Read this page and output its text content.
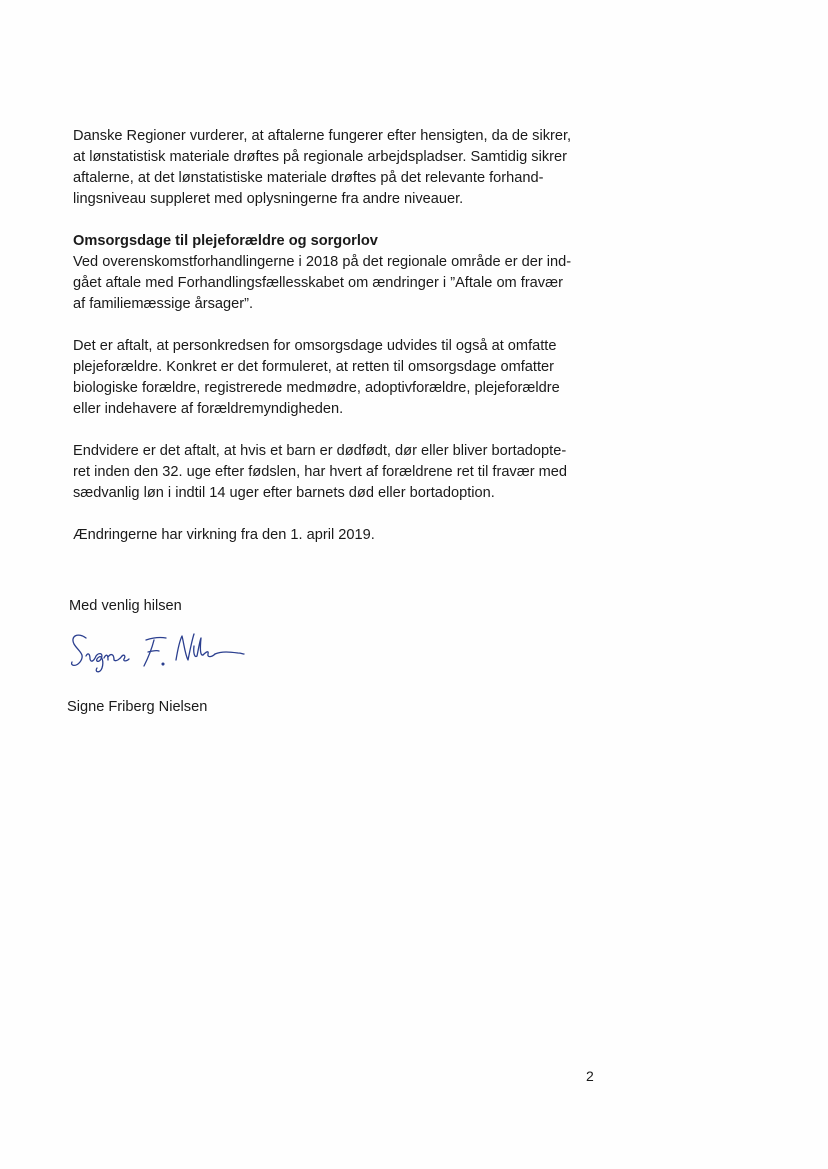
Danske Regioner vurderer, at aftalerne fungerer efter hensigten, da de sikrer,
at lønstatistisk materiale drøftes på regionale arbejdspladser. Samtidig sikrer
aftalerne, at det lønstatistiske materiale drøftes på det relevante forhand-
lingsniveau suppleret med oplysningerne fra andre niveauer.

Omsorgsdage til plejeforældre og sorgorlov
Ved overenskomstforhandlingerne i 2018 på det regionale område er der ind-
gået aftale med Forhandlingsfællesskabet om ændringer i ”Aftale om fravær
af familiemæssige årsager”.

Det er aftalt, at personkredsen for omsorgsdage udvides til også at omfatte
plejeforældre. Konkret er det formuleret, at retten til omsorgsdage omfatter
biologiske forældre, registrerede medmødre, adoptivforældre, plejeforældre
eller indehavere af forældremyndigheden.

Endvidere er det aftalt, at hvis et barn er dødfødt, dør eller bliver bortadopte-
ret inden den 32. uge efter fødslen, har hvert af forældrene ret til fravær med
sædvanlig løn i indtil 14 uger efter barnets død eller bortadoption.

Ændringerne har virkning fra den 1. april 2019.

Med venlig hilsen
Signe Friberg Nielsen
2
